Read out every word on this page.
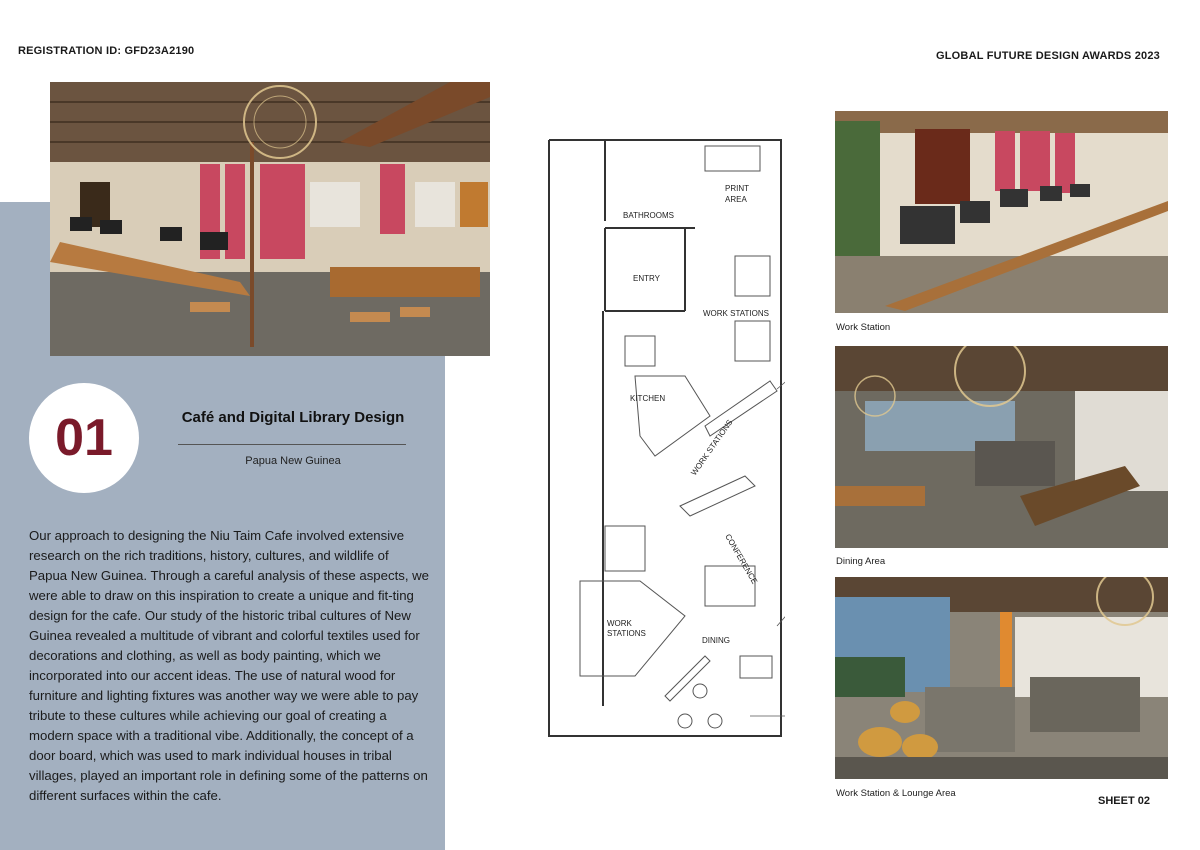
REGISTRATION ID: GFD23A2190	GLOBAL FUTURE DESIGN AWARDS 2023
01	Café and Digital Library Design
Papua New Guinea
Our approach to designing the Niu Taim Cafe involved extensive research on the rich traditions, history, cultures, and wildlife of Papua New Guinea. Through a careful analysis of these aspects, we were able to draw on this inspiration to create a unique and fit-ting design for the cafe. Our study of the historic tribal cultures of New Guinea revealed a multitude of vibrant and colorful textiles used for decorations and clothing, as well as body painting, which we incorporated into our accent ideas. The use of natural wood for furniture and lighting fixtures was another way we were able to pay tribute to these cultures while achieving our goal of creating a modern space with a traditional vibe. Additionally, the concept of a door board, which was used to mark individual houses in tribal villages, played an important role in defining some of the patterns on different surfaces within the cafe.
BATHROOMS
PRINT
AREA
ENTRY
WORK STATIONS
KITCHEN
WORK STATIONS
CONFERENCE
WORK
STATIONS
DINING
Work Station
Dining Area
Work Station & Lounge Area
SHEET 02
